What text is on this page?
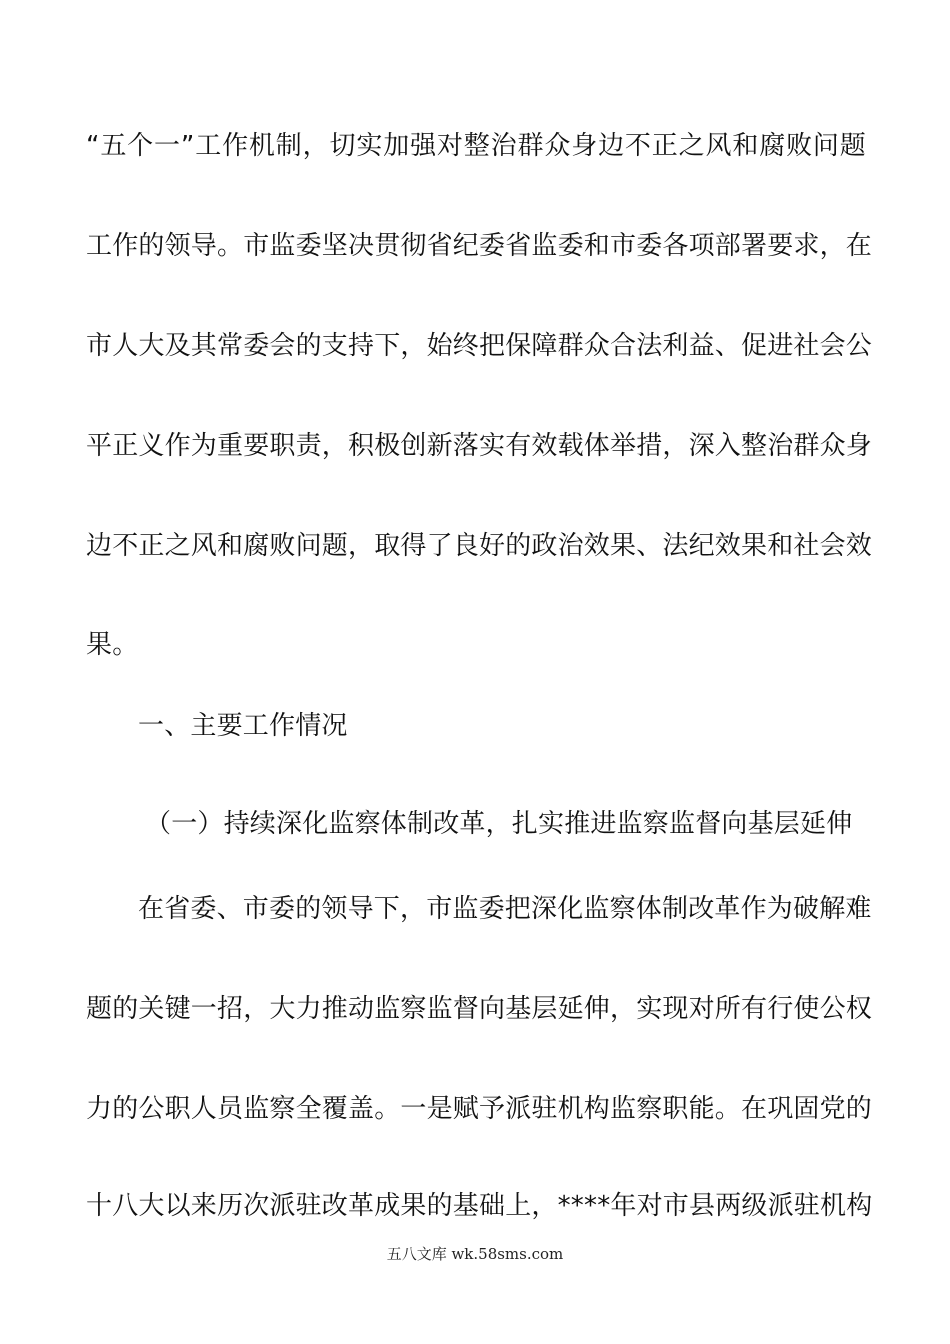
“五个一”工作机制，切实加强对整治群众身边不正之风和腐败问题
工作的领导。市监委坚决贯彻省纪委省监委和市委各项部署要求，在
市人大及其常委会的支持下，始终把保障群众合法利益、促进社会公
平正义作为重要职责，积极创新落实有效载体举措，深入整治群众身
边不正之风和腐败问题，取得了良好的政治效果、法纪效果和社会效
果。
一、主要工作情况
（一）持续深化监察体制改革，扎实推进监察监督向基层延伸
在省委、市委的领导下，市监委把深化监察体制改革作为破解难
题的关键一招，大力推动监察监督向基层延伸，实现对所有行使公权
力的公职人员监察全覆盖。一是赋予派驻机构监察职能。在巩固党的
十八大以来历次派驻改革成果的基础上，****年对市县两级派驻机构
五八文库 wk.58sms.com
